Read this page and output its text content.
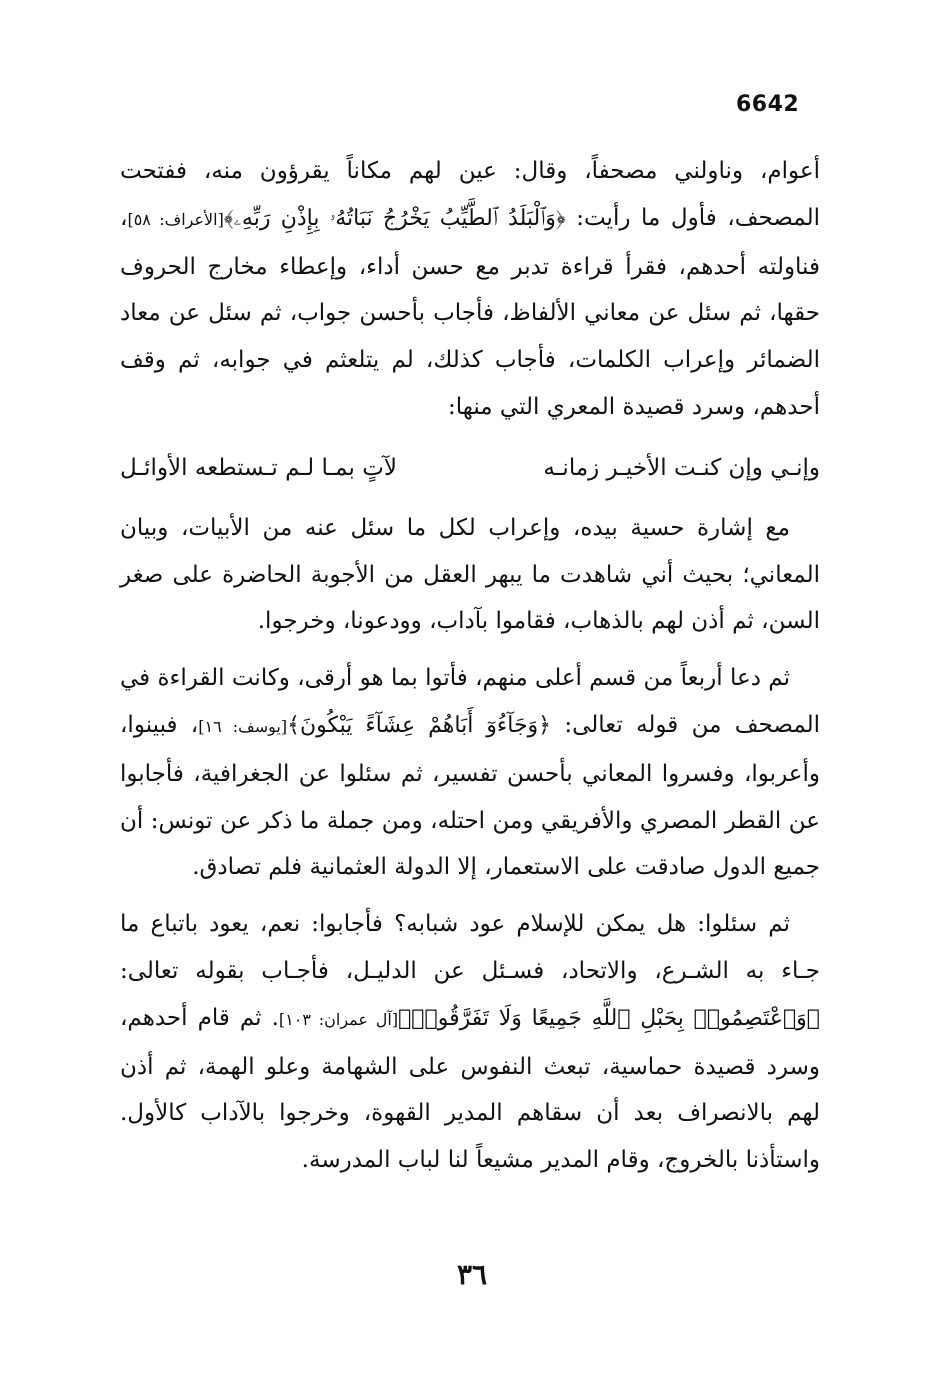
6642

أعوام، وناولني مصحفاً، وقال: عين لهم مكاناً يقرؤون منه، ففتحت المصحف، فأول ما رأيت: ﴿وَٱلْبَلَدُ ٱلطَّيِّبُ يَخْرُجُ نَبَاتُهُۥ بِإِذْنِ رَبِّهِۦ﴾[الأعراف: ٥٨]، فناولته أحدهم، فقرأ قراءة تدبر مع حسن أداء، وإعطاء مخارج الحروف حقها، ثم سئل عن معاني الألفاظ، فأجاب بأحسن جواب، ثم سئل عن معاد الضمائر وإعراب الكلمات، فأجاب كذلك، لم يتلعثم في جوابه، ثم وقف أحدهم، وسرد قصيدة المعري التي منها:

وإنـي وإن كنـت الأخيـر زمانـه
لآتٍ بمـا لـم تـستطعه الأوائـل

مع إشارة حسية بيده، وإعراب لكل ما سئل عنه من الأبيات، وبيان المعاني؛ بحيث أني شاهدت ما يبهر العقل من الأجوبة الحاضرة على صغر السن، ثم أذن لهم بالذهاب، فقاموا بآداب، وودعونا، وخرجوا.

ثم دعا أربعاً من قسم أعلى منهم، فأتوا بما هو أرقى، وكانت القراءة في المصحف من قوله تعالى: ﴿وَجَآءُوٓ أَبَاهُمْ عِشَآءً يَبْكُونَ﴾[يوسف: ١٦]، فبينوا، وأعربوا، وفسروا المعاني بأحسن تفسير، ثم سئلوا عن الجغرافية، فأجابوا عن القطر المصري والأفريقي ومن احتله، ومن جملة ما ذكر عن تونس: أن جميع الدول صادقت على الاستعمار، إلا الدولة العثمانية فلم تصادق.

ثم سئلوا: هل يمكن للإسلام عود شبابه؟ فأجابوا: نعم، يعود باتباع ما جـاء به الشـرع، والاتحاد، فسـئل عن الدليـل، فأجـاب بقوله تعالى: ﴿وَٱعْتَصِمُوا۟ بِحَبْلِ ٱللَّهِ جَمِيعًا وَلَا تَفَرَّقُوا۟﴾[آل عمران: ١٠٣]. ثم قام أحدهم، وسرد قصيدة حماسية، تبعث النفوس على الشهامة وعلو الهمة، ثم أذن لهم بالانصراف بعد أن سقاهم المدير القهوة، وخرجوا بالآداب كالأول. واستأذنا بالخروج، وقام المدير مشيعاً لنا لباب المدرسة.

٣٦
